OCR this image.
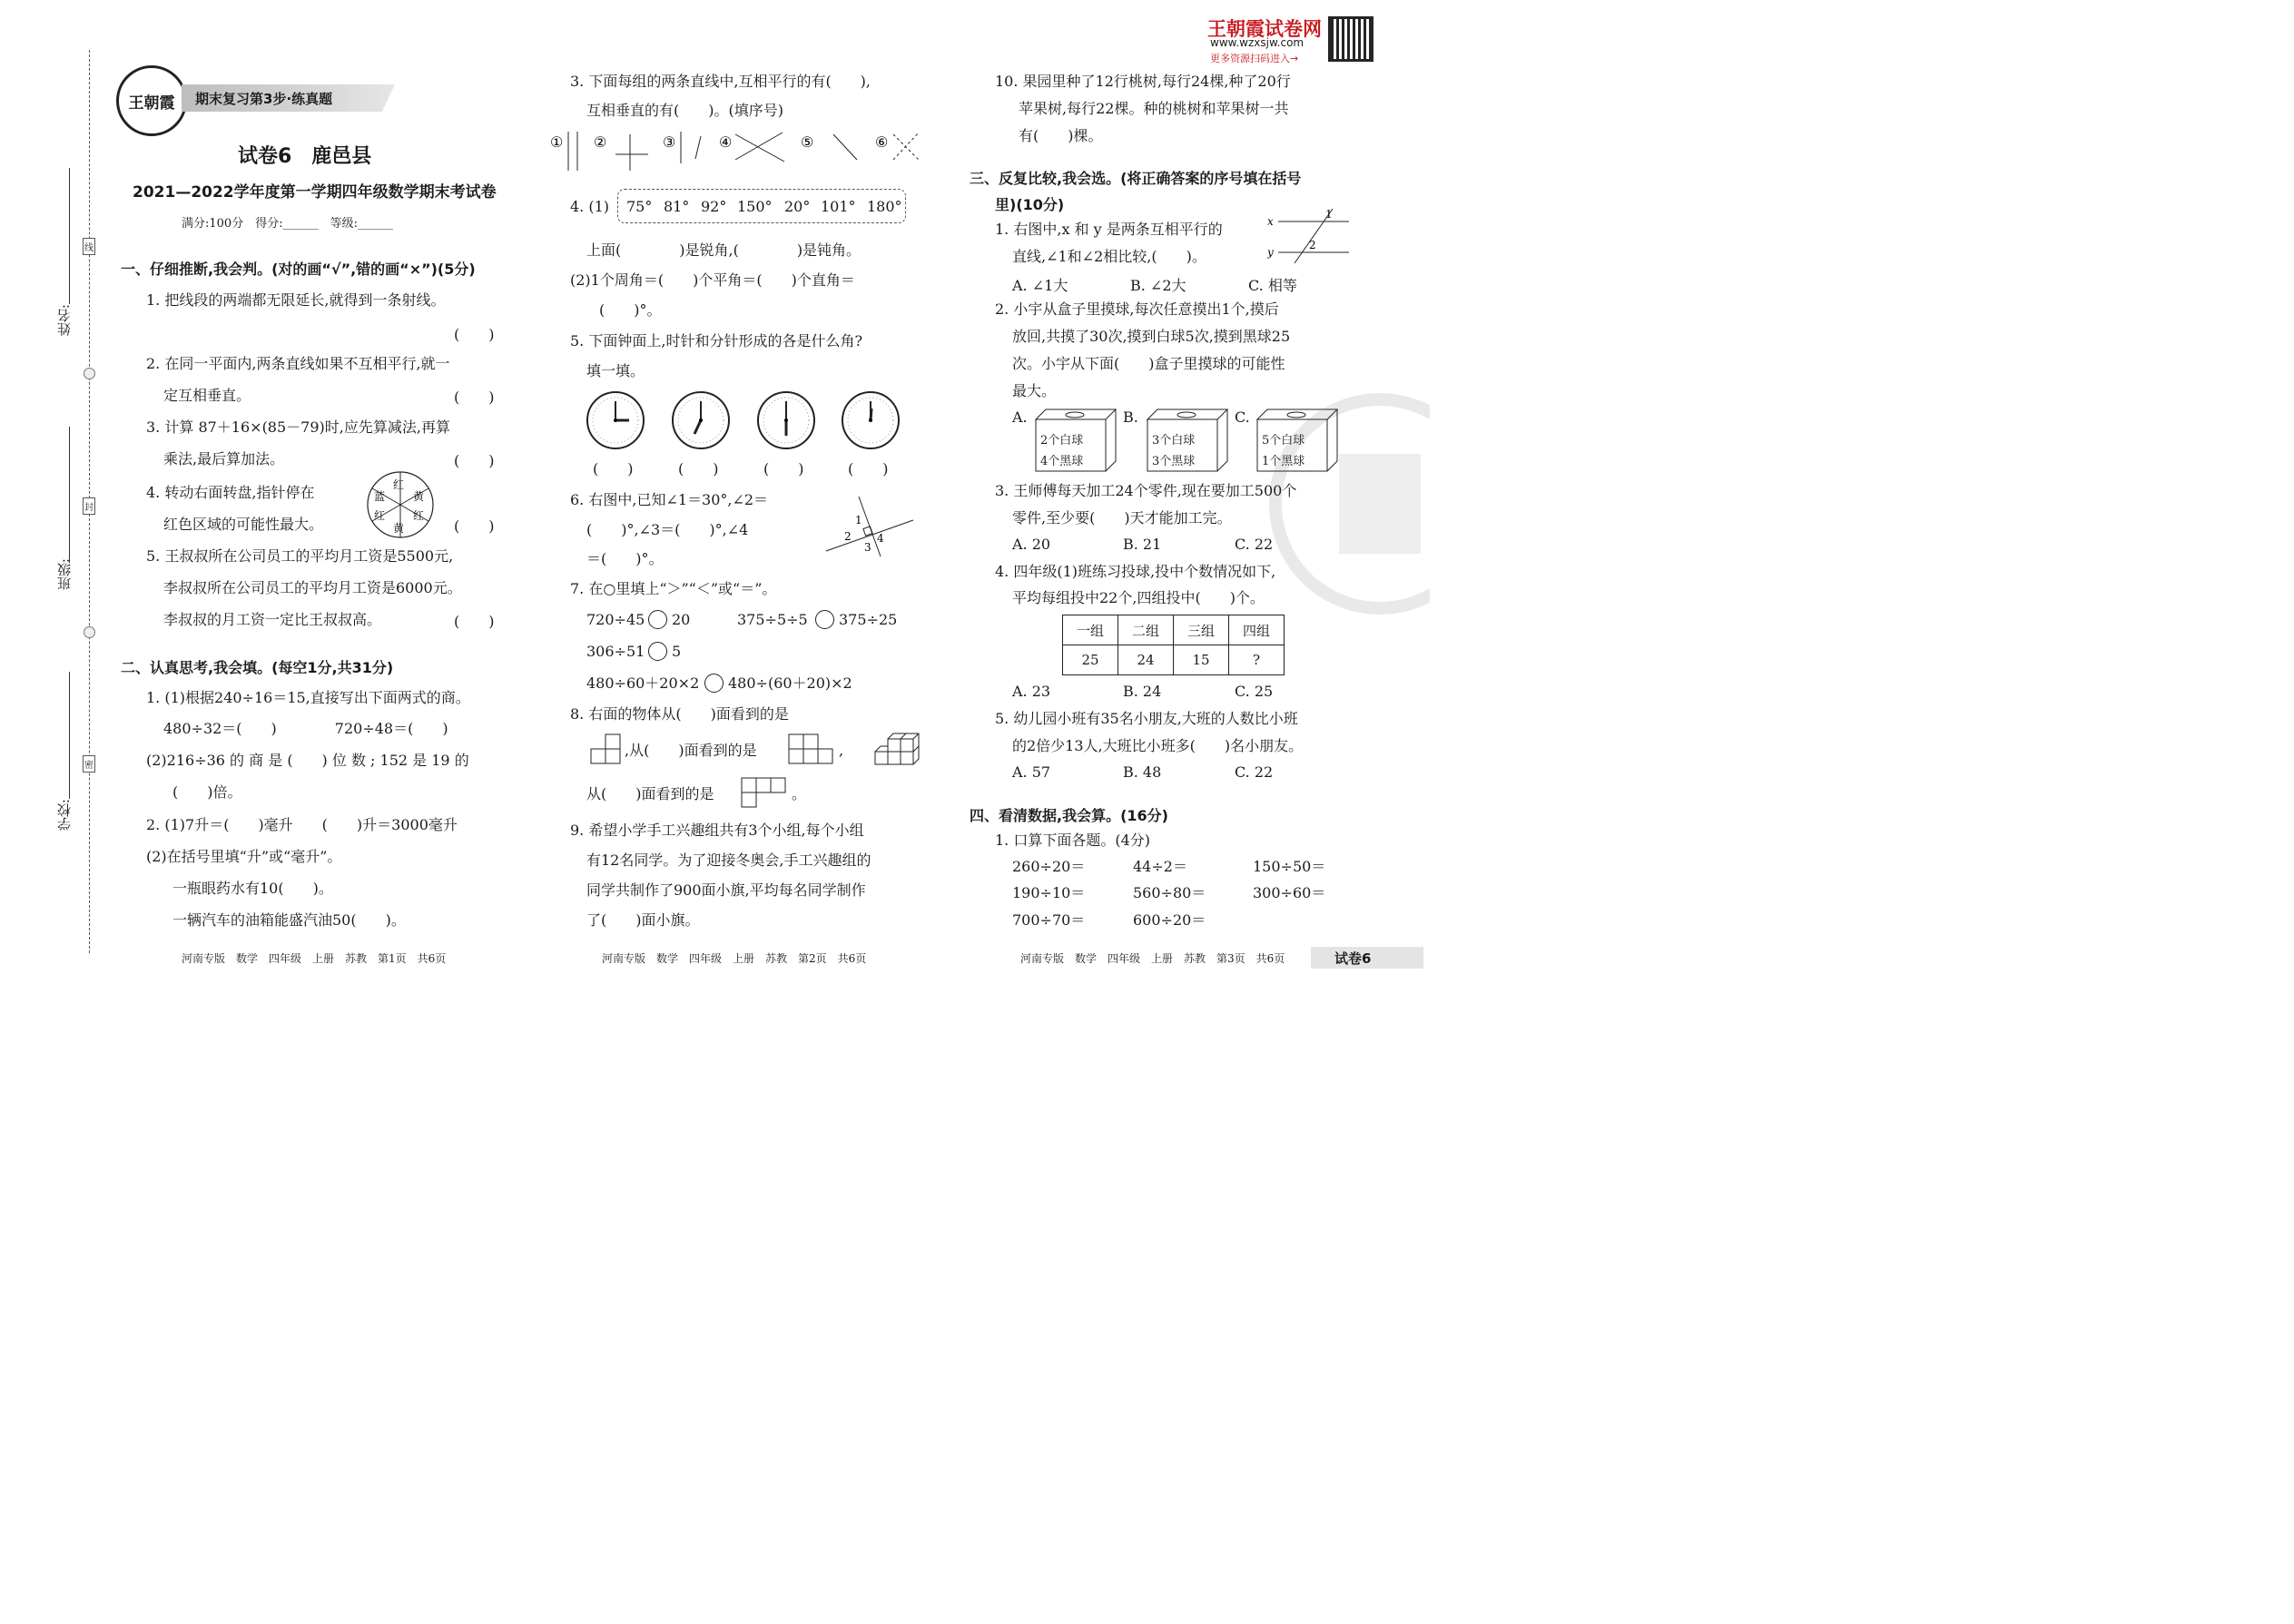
姓名:
班级:
学校:
线
封
密
王朝霞 期末复习第3步·练真题
王朝霞试卷网
www.wzxsjw.com
更多资源扫码进入→
试卷6　鹿邑县
2021—2022学年度第一学期四年级数学期末考试卷
满分:100分　得分:______　等级:______
一、仔细推断,我会判。(对的画“√”,错的画“×”)(5分)
1. 把线段的两端都无限延长,就得到一条射线。
(　　)
2. 在同一平面内,两条直线如果不互相平行,就一
定互相垂直。	(　　)
3. 计算 87＋16×(85－79)时,应先算减法,再算
乘法,最后算加法。	(　　)
4. 转动右面转盘,指针停在
红色区域的可能性最大。	(　　)
红
黄
红
黄
红
蓝
5. 王叔叔所在公司员工的平均月工资是5500元,
李叔叔所在公司员工的平均月工资是6000元。
李叔叔的月工资一定比王叔叔高。	(　　)
二、认真思考,我会填。(每空1分,共31分)
1. (1)根据240÷16＝15,直接写出下面两式的商。
480÷32＝(　　)　　　　720÷48＝(　　)
(2)216÷36 的 商 是 (　　) 位 数 ; 152 是 19 的
(　　)倍。
2. (1)7升＝(　　)毫升　　(　　)升＝3000毫升
(2)在括号里填“升”或“毫升”。
一瓶眼药水有10(　　)。
一辆汽车的油箱能盛汽油50(　　)。
3. 下面每组的两条直线中,互相平行的有(　　),
互相垂直的有(　　)。(填序号)
① ②	③	④	⑤	⑥
4. (1) 75° 81° 92° 150° 20° 101° 180°
上面(　　　　)是锐角,(　　　　)是钝角。
(2)1个周角＝(　　)个平角＝(　　)个直角＝
(　　)°。
5. 下面钟面上,时针和分针形成的各是什么角?
填一填。
(　　)	(　　)	(　　)	(　　)
6. 右图中,已知∠1＝30°,∠2＝
(　　)°,∠3＝(　　)°,∠4
＝(　　)°。
1
2
3
4
7. 在○里填上“＞”“＜”或“＝”。
720÷45 20	375÷5÷5 375÷25
306÷51 5
480÷60＋20×2 480÷(60＋20)×2
8. 右面的物体从(　　)面看到的是
,从(　　)面看到的是	,
从(　　)面看到的是	。
9. 希望小学手工兴趣组共有3个小组,每个小组
有12名同学。为了迎接冬奥会,手工兴趣组的
同学共制作了900面小旗,平均每名同学制作
了(　　)面小旗。
10. 果园里种了12行桃树,每行24棵,种了20行
苹果树,每行22棵。种的桃树和苹果树一共
有(　　)棵。
三、反复比较,我会选。(将正确答案的序号填在括号
里)(10分)
1. 右图中,x 和 y 是两条互相平行的
直线,∠1和∠2相比较,(　　)。
x
y
1
2
A. ∠1大	B. ∠2大	C. 相等
2. 小宇从盒子里摸球,每次任意摸出1个,摸后
放回,共摸了30次,摸到白球5次,摸到黑球25
次。小宇从下面(　　)盒子里摸球的可能性
最大。
A.
2个白球
4个黑球
B.
3个白球
3个黑球
C.
5个白球
1个黑球
3. 王师傅每天加工24个零件,现在要加工500个
零件,至少要(　　)天才能加工完。
A. 20	B. 21	C. 22
4. 四年级(1)班练习投球,投中个数情况如下,
平均每组投中22个,四组投中(　　)个。
一组	二组	三组	四组
25	24	15	?
A. 23	B. 24	C. 25
5. 幼儿园小班有35名小朋友,大班的人数比小班
的2倍少13人,大班比小班多(　　)名小朋友。
A. 57	B. 48	C. 22
四、看清数据,我会算。(16分)
1. 口算下面各题。(4分)
260÷20＝	44÷2＝	150÷50＝
190÷10＝	560÷80＝	300÷60＝
700÷70＝	600÷20＝
河南专版　数学　四年级　上册　苏教　第1页　共6页	河南专版　数学　四年级　上册　苏教　第2页　共6页	河南专版　数学　四年级　上册　苏教　第3页　共6页	试卷6
